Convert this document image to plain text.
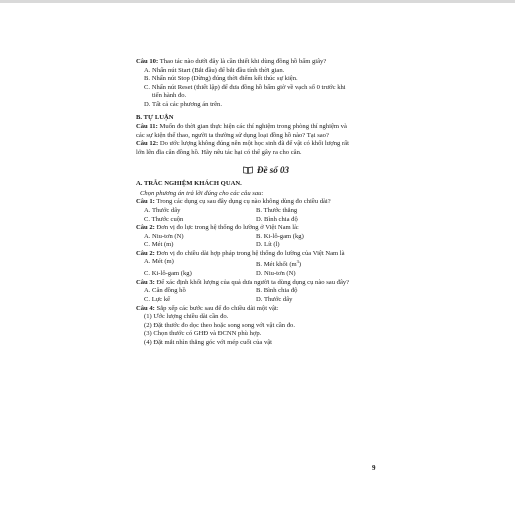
Câu 10: Thao tác nào dưới đây là cần thiết khi dùng đồng hồ bấm giây?

A. Nhấn nút Start (Bắt đầu) để bắt đầu tính thời gian.

B. Nhấn nút Stop (Dừng) đúng thời điểm kết thúc sự kiện.

C. Nhấn nút Reset (thiết lập) để đưa đồng hồ bấm giờ về vạch số 0 trước khi

tiến hành đo.

D. Tất cả các phương án trên.

B. TỰ LUẬN

Câu 11: Muốn đo thời gian thực hiện các thí nghiệm trong phòng thí nghiệm và

các sự kiện thể thao, người ta thường sử dụng loại đồng hồ nào? Tại sao?

Câu 12: Do ước lượng không đúng nên một học sinh đã để vật có khối lượng rất

lớn lên đĩa cân đồng hồ. Hãy nêu tác hại có thể gây ra cho cân.

Đề số 03

A. TRẮC NGHIỆM KHÁCH QUAN.

Chọn phương án trả lời đúng cho các câu sau:

Câu 1: Trong các dụng cụ sau đây dụng cụ nào không dùng đo chiều dài?

A. Thước dây	B. Thước thẳng
C. Thước cuộn	D. Bình chia độ

Câu 2: Đơn vị đo lực trong hệ thống đo lường ở Việt Nam là:

A. Niu-tơn (N)	B. Ki-lô-gam (kg)
C. Mét (m)	D. Lít (l)

Câu 2: Đơn vị đo chiều dài hợp pháp trong hệ thống đo lường của Việt Nam là

A. Mét (m)	B. Mét khối $(m^3)$
C. Ki-lô-gam (kg)	D. Niu-tơn (N)

Câu 3: Để xác định khối lượng của quả dưa người ta dùng dụng cụ nào sau đây?

A. Cân đồng hồ	B. Bình chia độ
C. Lực kế	D. Thước dây

Câu 4: Sắp xếp các bước sau để đo chiều dài một vật:

(1) Ước lượng chiều dài cần đo.

(2) Đặt thước đo dọc theo hoặc song song với vật cần đo.

(3) Chọn thước có GHĐ và ĐCNN phù hợp.

(4) Đặt mắt nhìn thẳng góc với mép cuối của vật

9
